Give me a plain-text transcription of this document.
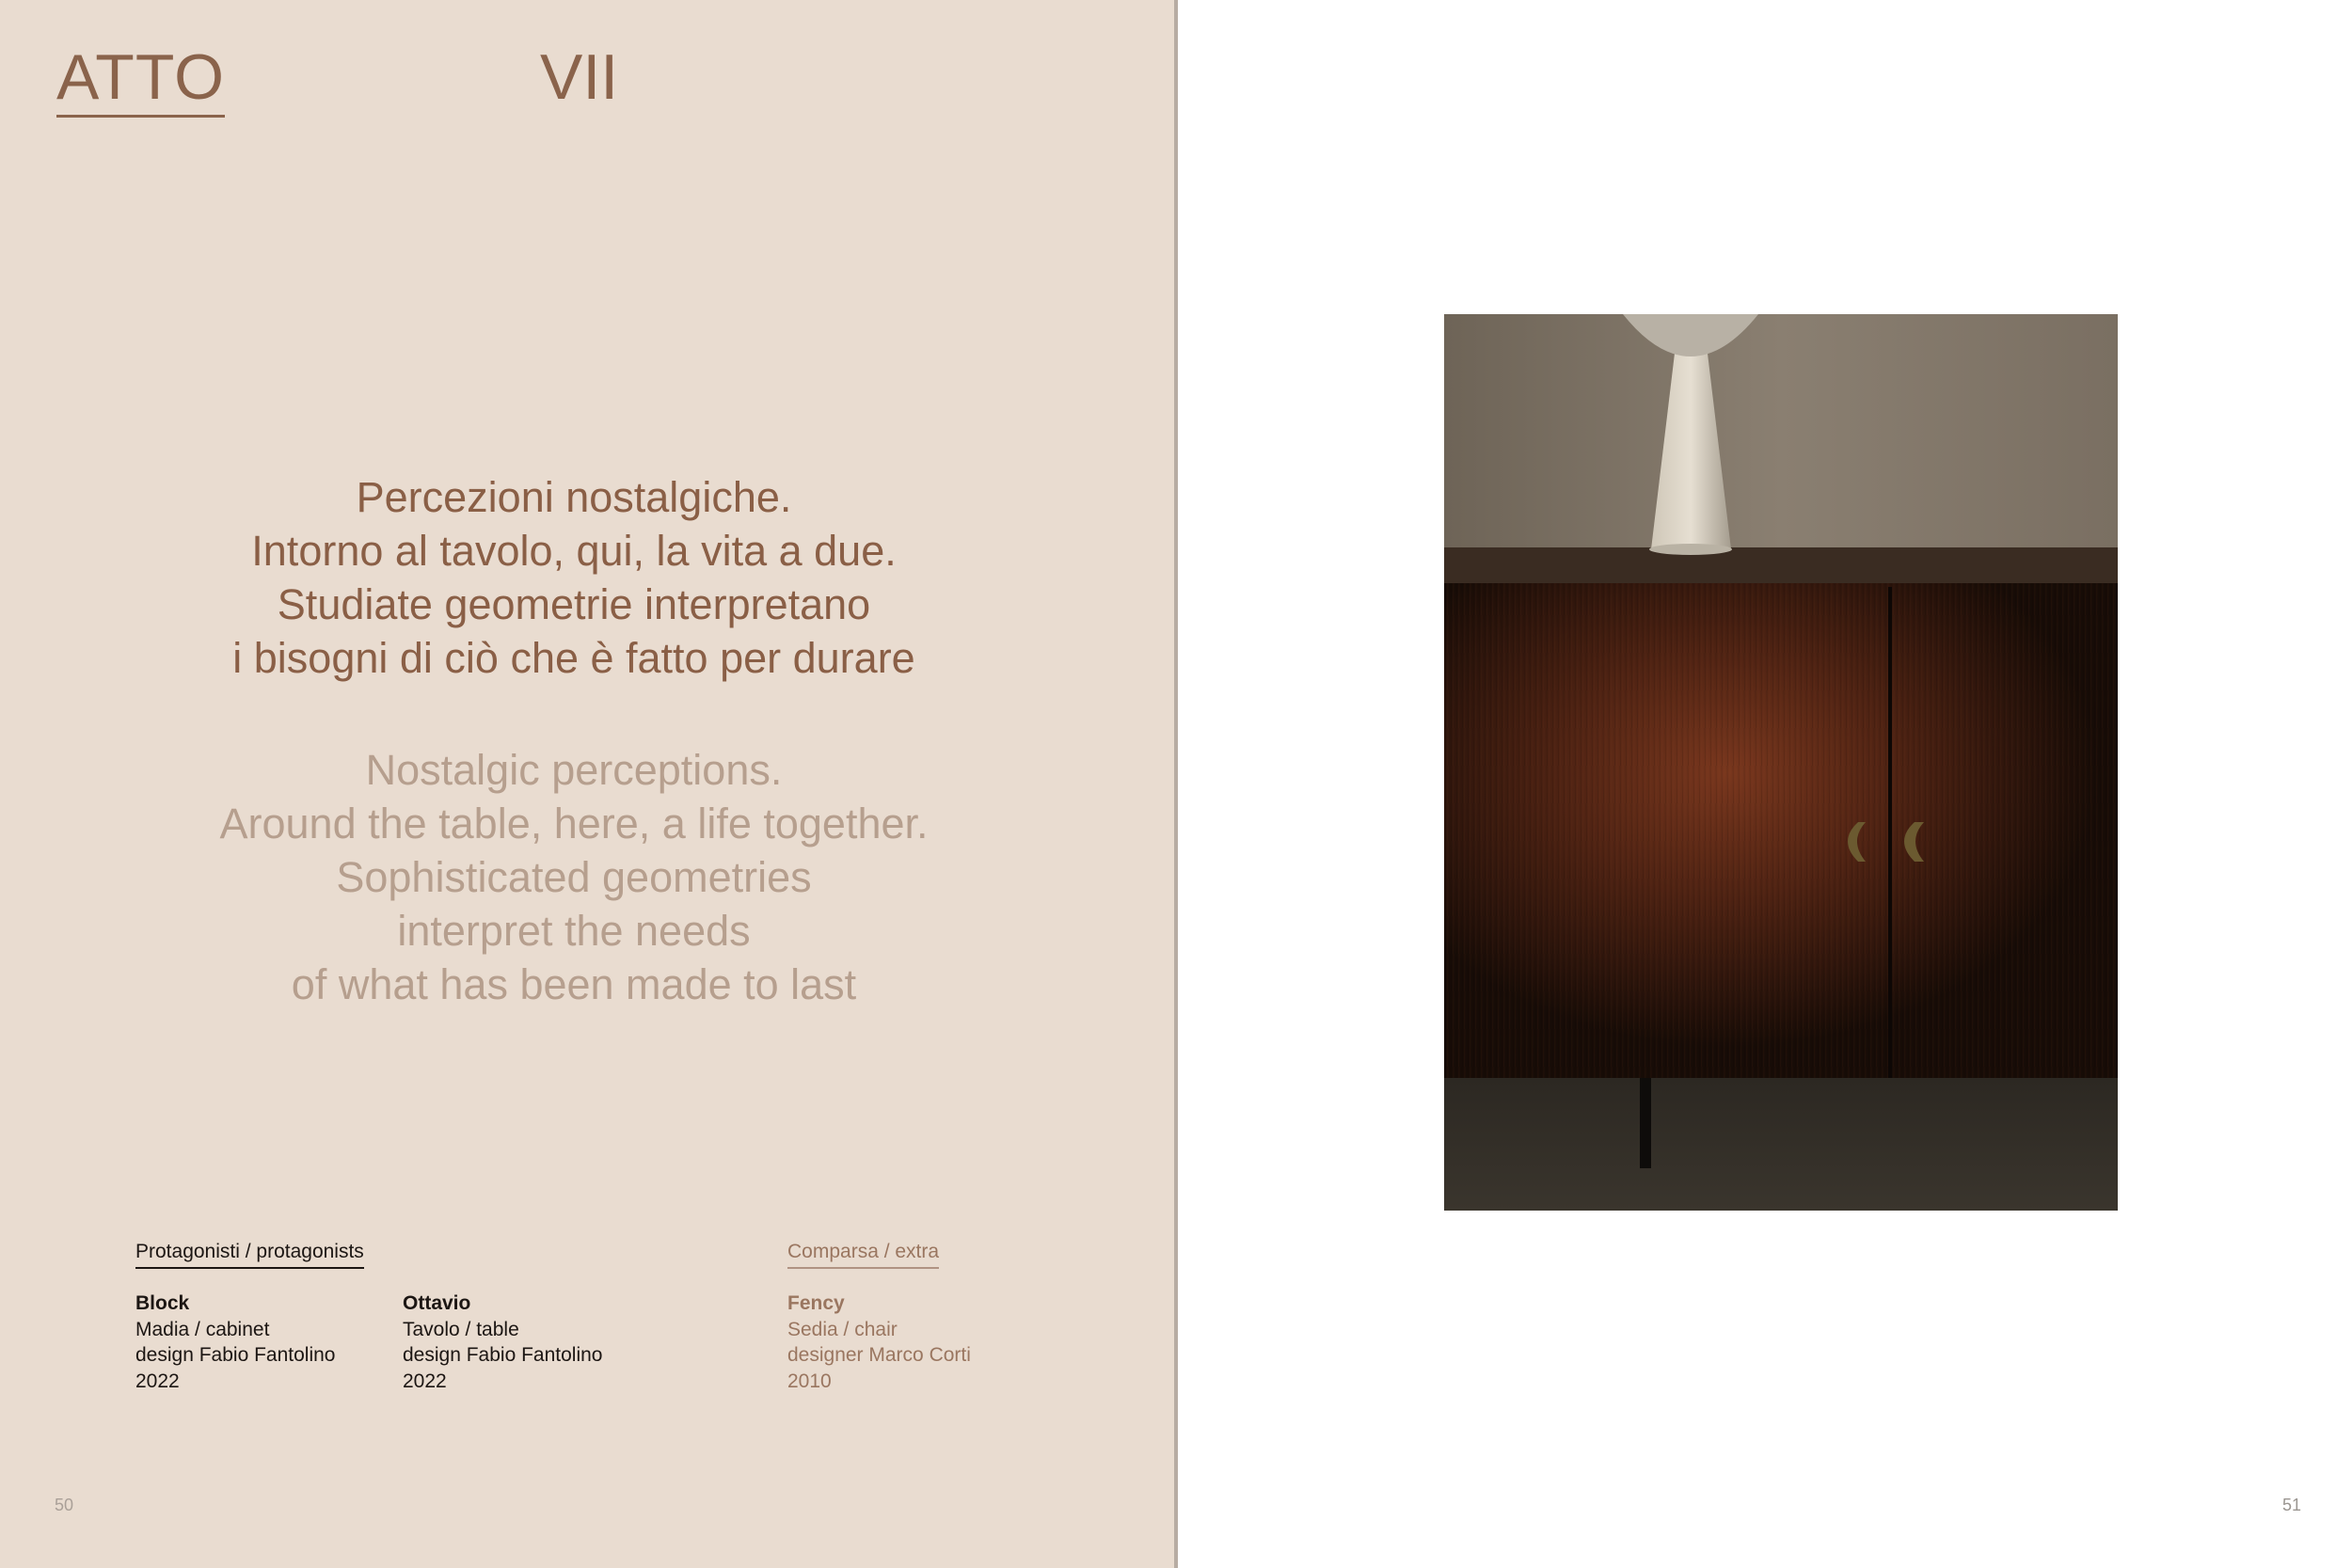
ATTO	VII
Percezioni nostalgiche.
Intorno al tavolo, qui, la vita a due.
Studiate geometrie interpretano
i bisogni di ciò che è fatto per durare
Nostalgic perceptions.
Around the table, here, a life together.
Sophisticated geometries
interpret the needs
of what has been made to last
Protagonisti / protagonists	Comparsa / extra
Block
Madia / cabinet
design Fabio Fantolino
2022
Ottavio
Tavolo / table
design Fabio Fantolino
2022
Fency
Sedia / chair
designer Marco Corti
2010
50	51
